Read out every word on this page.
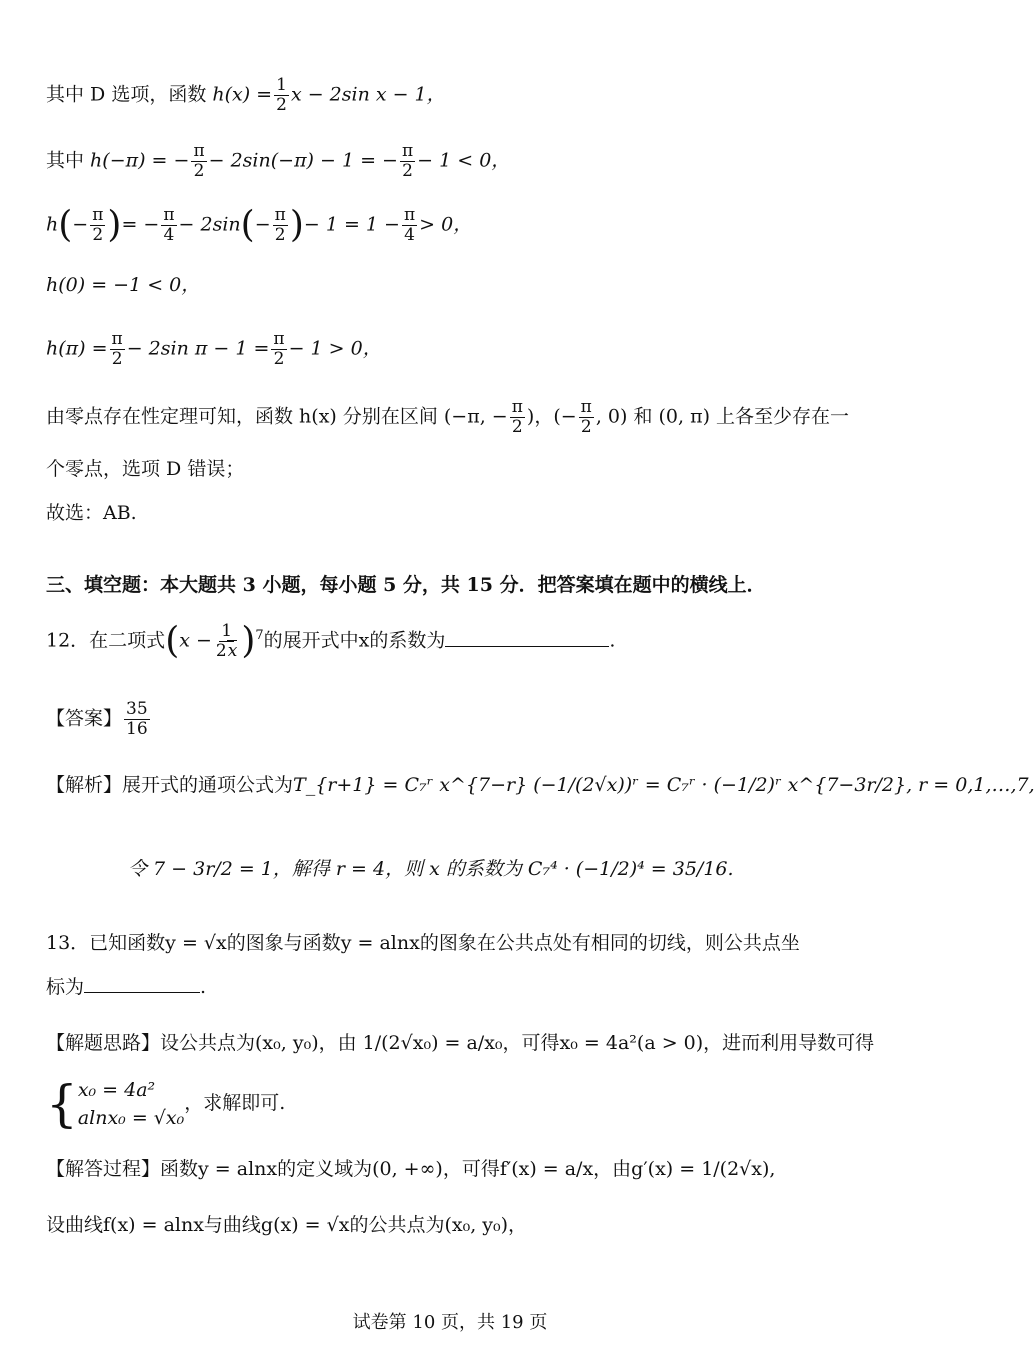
其中 D 选项，函数 $h(x) = \frac{1}{2}$ x − 2sin x − 1，
其中 h(−π) = − $\frac{\pi}{2} - 2\sin(-\pi) - 1$ = − $\frac{\pi}{2} - 1 < 0$，
$h(- \frac{\pi}{2}$ )= − $\frac{\pi}{4} - 2\sin(- \frac{\pi}{2}$ )− $1 = 1 - \frac{\pi}{4} > 0$，
h(0) = −1 < 0，
$h(\pi) = \frac{\pi}{2} - 2\sin$ $\pi - 1 = \frac{\pi}{2} - 1 > 0$，
由零点存在性定理可知，函数 h(x) 分别在区间 (−π, − $\frac{\pi}{2}$ )，(− $\frac{\pi}{2}$ , 0) 和 (0, π) 上各至少存在一
个零点，选项 D 错误；
故选：AB.
三、填空题：本大题共 3 小题，每小题 5 分，共 15 分．把答案填在题中的横线上．
12．在二项式$(x - \frac{1}{2x} )^7$的展开式中x的系数为	.
【答案】 $\frac{35}{16}$
【解析】展开式的通项公式为T_{r+1} = C₇ʳ x^{7−r} (−1/(2√x))ʳ = C₇ʳ · (−1/2)ʳ x^{7−3r/2}, r = 0,1,…,7,
令 7 − 3r/2 = 1，解得 r = 4，则 x 的系数为 C₇⁴ · (−1/2)⁴ = 35/16.
13．已知函数y = √x的图象与函数y = alnx的图象在公共点处有相同的切线，则公共点坐
标为	.
【解题思路】设公共点为(x₀, y₀)，由 1/(2√x₀) = a/x₀，可得x₀ = 4a²(a > 0)，进而利用导数可得
{ x₀ = 4a²
alnx₀ = √x₀
，求解即可.
【解答过程】函数y = alnx的定义域为(0, +∞)，可得f′(x) = a/x，由g′(x) = 1/(2√x),
设曲线f(x) = alnx与曲线g(x) = √x的公共点为(x₀, y₀)，
试卷第 10 页，共 19 页
